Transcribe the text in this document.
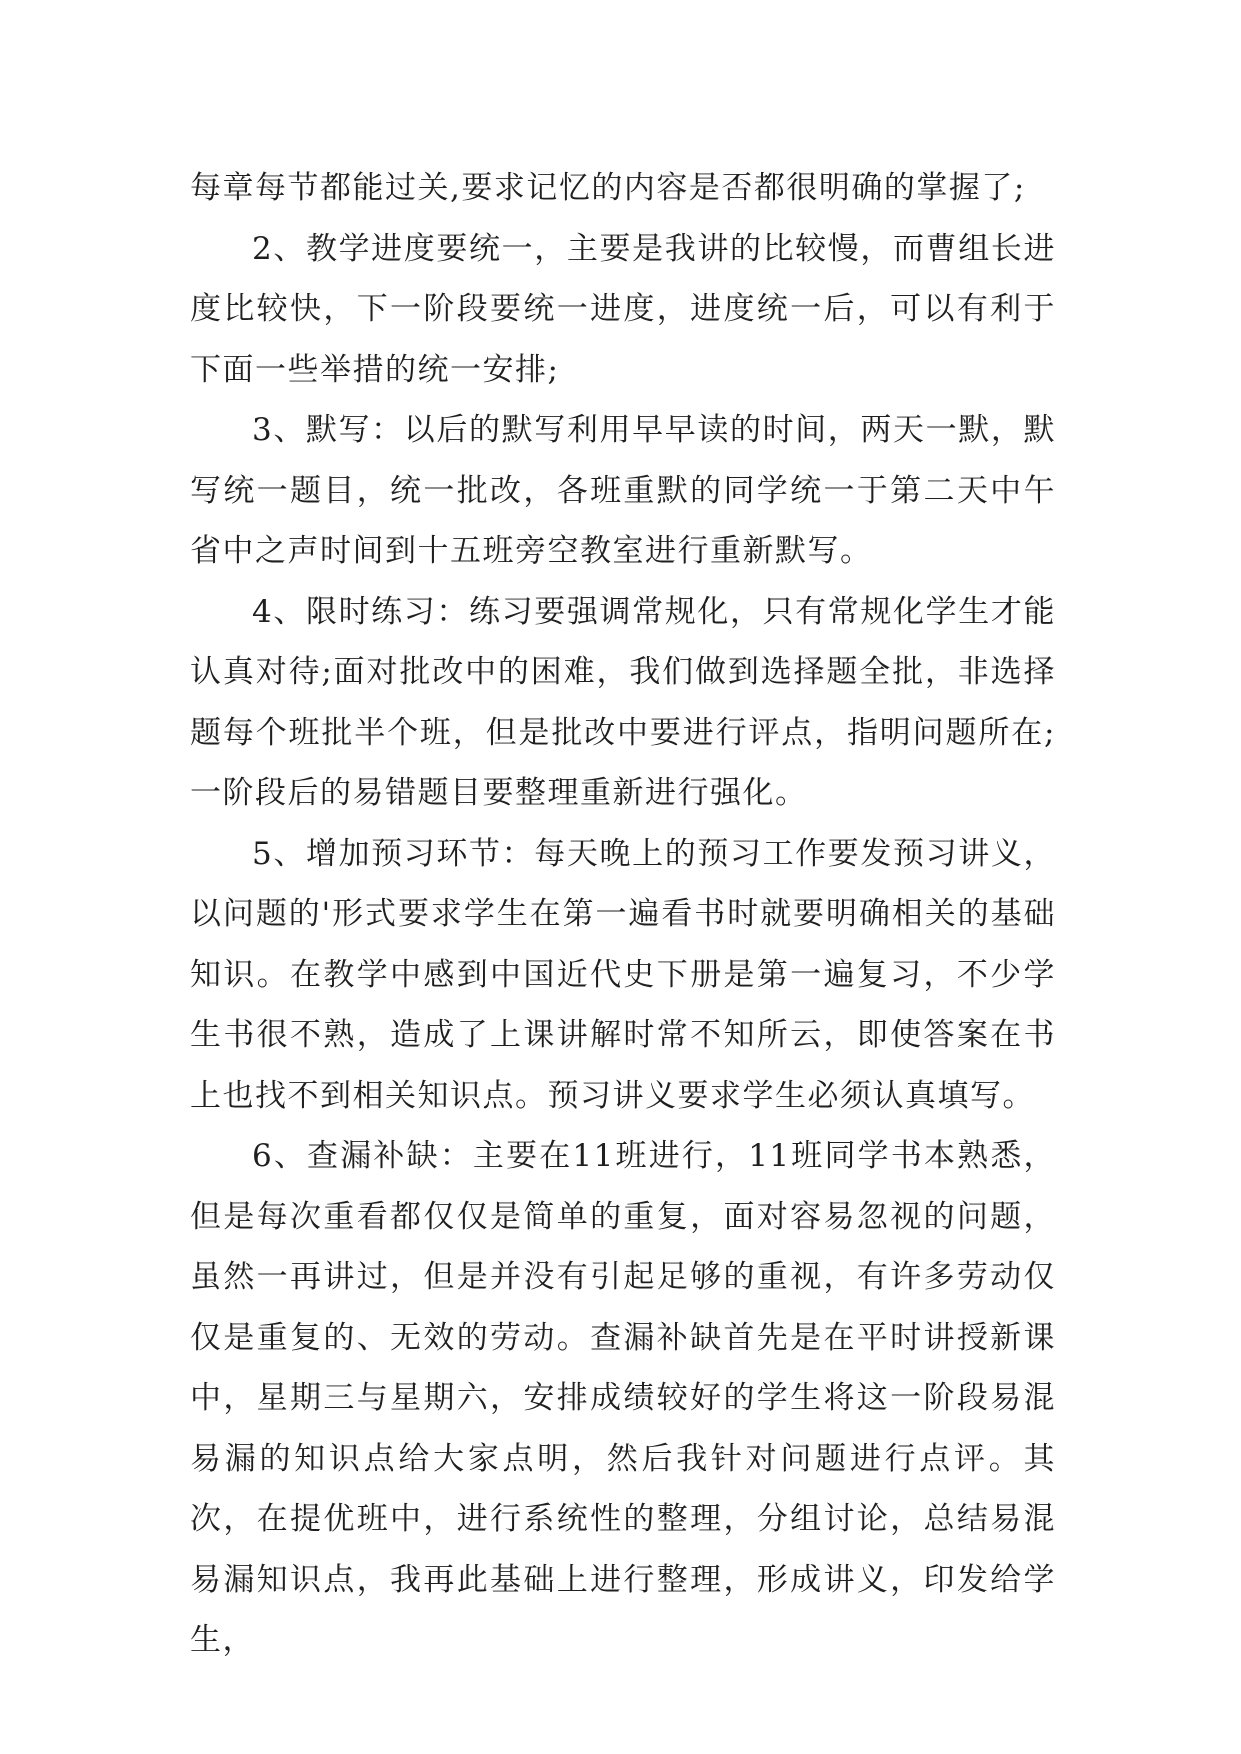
每章每节都能过关,要求记忆的内容是否都很明确的掌握了;

2、教学进度要统一，主要是我讲的比较慢，而曹组长进度比较快，下一阶段要统一进度，进度统一后，可以有利于下面一些举措的统一安排;

3、默写：以后的默写利用早早读的时间，两天一默，默写统一题目，统一批改，各班重默的同学统一于第二天中午省中之声时间到十五班旁空教室进行重新默写。

4、限时练习：练习要强调常规化，只有常规化学生才能认真对待;面对批改中的困难，我们做到选择题全批，非选择题每个班批半个班，但是批改中要进行评点，指明问题所在;一阶段后的易错题目要整理重新进行强化。

5、增加预习环节：每天晚上的预习工作要发预习讲义，以问题的'形式要求学生在第一遍看书时就要明确相关的基础知识。在教学中感到中国近代史下册是第一遍复习，不少学生书很不熟，造成了上课讲解时常不知所云，即使答案在书上也找不到相关知识点。预习讲义要求学生必须认真填写。

6、查漏补缺：主要在11班进行，11班同学书本熟悉，但是每次重看都仅仅是简单的重复，面对容易忽视的问题，虽然一再讲过，但是并没有引起足够的重视，有许多劳动仅仅是重复的、无效的劳动。查漏补缺首先是在平时讲授新课中，星期三与星期六，安排成绩较好的学生将这一阶段易混易漏的知识点给大家点明，然后我针对问题进行点评。其次，在提优班中，进行系统性的整理，分组讨论，总结易混易漏知识点，我再此基础上进行整理，形成讲义，印发给学生，
